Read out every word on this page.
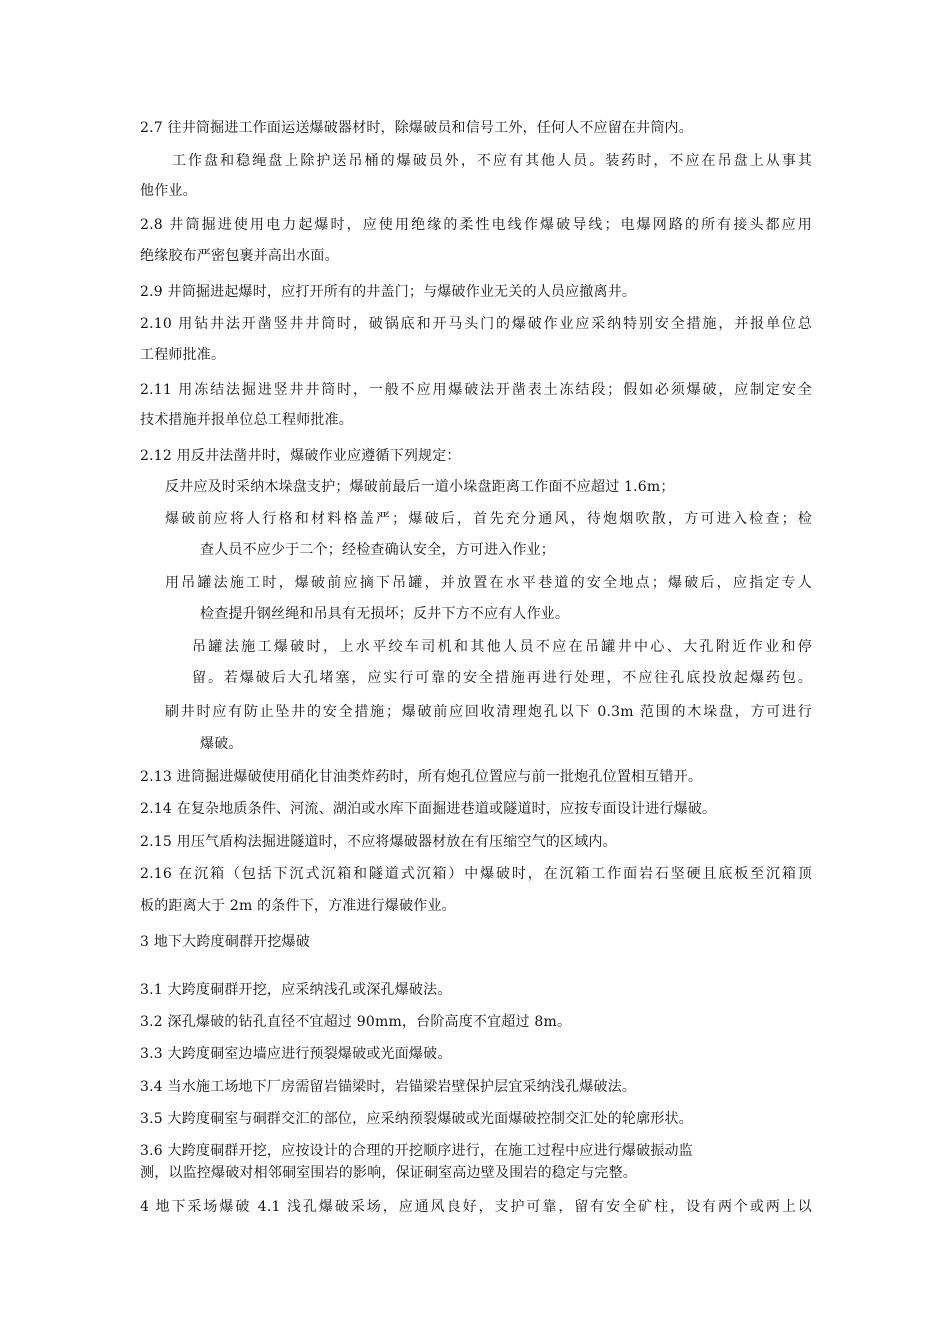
2.7 往井筒掘进工作面运送爆破器材时，除爆破员和信号工外，任何人不应留在井筒内。
工作盘和稳绳盘上除护送吊桶的爆破员外，不应有其他人员。装药时，不应在吊盘上从事其
他作业。
2.8 井筒掘进使用电力起爆时，应使用绝缘的柔性电线作爆破导线；电爆网路的所有接头都应用
绝缘胶布严密包裹并高出水面。
2.9 井筒掘进起爆时，应打开所有的井盖门；与爆破作业无关的人员应撤离井。
2.10 用钻井法开凿竖井井筒时，破锅底和开马头门的爆破作业应采纳特别安全措施，并报单位总
工程师批准。
2.11 用冻结法掘进竖井井筒时，一般不应用爆破法开凿表土冻结段；假如必须爆破，应制定安全
技术措施并报单位总工程师批准。
2.12 用反井法凿井时，爆破作业应遵循下列规定：
反井应及时采纳木垛盘支护；爆破前最后一道小垛盘距离工作面不应超过 1.6m；
爆破前应将人行格和材料格盖严；爆破后，首先充分通风，待炮烟吹散，方可进入检查；检
查人员不应少于二个；经检查确认安全，方可进入作业；
用吊罐法施工时，爆破前应摘下吊罐，并放置在水平巷道的安全地点；爆破后，应指定专人
检查提升钢丝绳和吊具有无损坏；反井下方不应有人作业。
吊罐法施工爆破时，上水平绞车司机和其他人员不应在吊罐井中心、大孔附近作业和停
留。若爆破后大孔堵塞，应实行可靠的安全措施再进行处理，不应往孔底投放起爆药包。
刷井时应有防止坠井的安全措施；爆破前应回收清理炮孔以下 0.3m 范围的木垛盘，方可进行
爆破。
2.13 进筒掘进爆破使用硝化甘油类炸药时，所有炮孔位置应与前一批炮孔位置相互错开。
2.14 在复杂地质条件、河流、湖泊或水库下面掘进巷道或隧道时，应按专面设计进行爆破。
2.15 用压气盾构法掘进隧道时，不应将爆破器材放在有压缩空气的区域内。
2.16 在沉箱（包括下沉式沉箱和隧道式沉箱）中爆破时，在沉箱工作面岩石坚硬且底板至沉箱顶
板的距离大于 2m 的条件下，方准进行爆破作业。
3 地下大跨度硐群开挖爆破
3.1 大跨度硐群开挖，应采纳浅孔或深孔爆破法。
3.2 深孔爆破的钻孔直径不宜超过 90mm，台阶高度不宜超过 8m。
3.3 大跨度硐室边墙应进行预裂爆破或光面爆破。
3.4 当水施工场地下厂房需留岩锚梁时，岩锚梁岩壁保护层宜采纳浅孔爆破法。
3.5 大跨度硐室与硐群交汇的部位，应采纳预裂爆破或光面爆破控制交汇处的轮廓形状。
3.6 大跨度硐群开挖，应按设计的合理的开挖顺序进行，在施工过程中应进行爆破振动监
测，以监控爆破对相邻硐室围岩的影响，保证硐室高边壁及围岩的稳定与完整。
4 地下采场爆破 4.1 浅孔爆破采场，应通风良好，支护可靠，留有安全矿柱，设有两个或两上以
